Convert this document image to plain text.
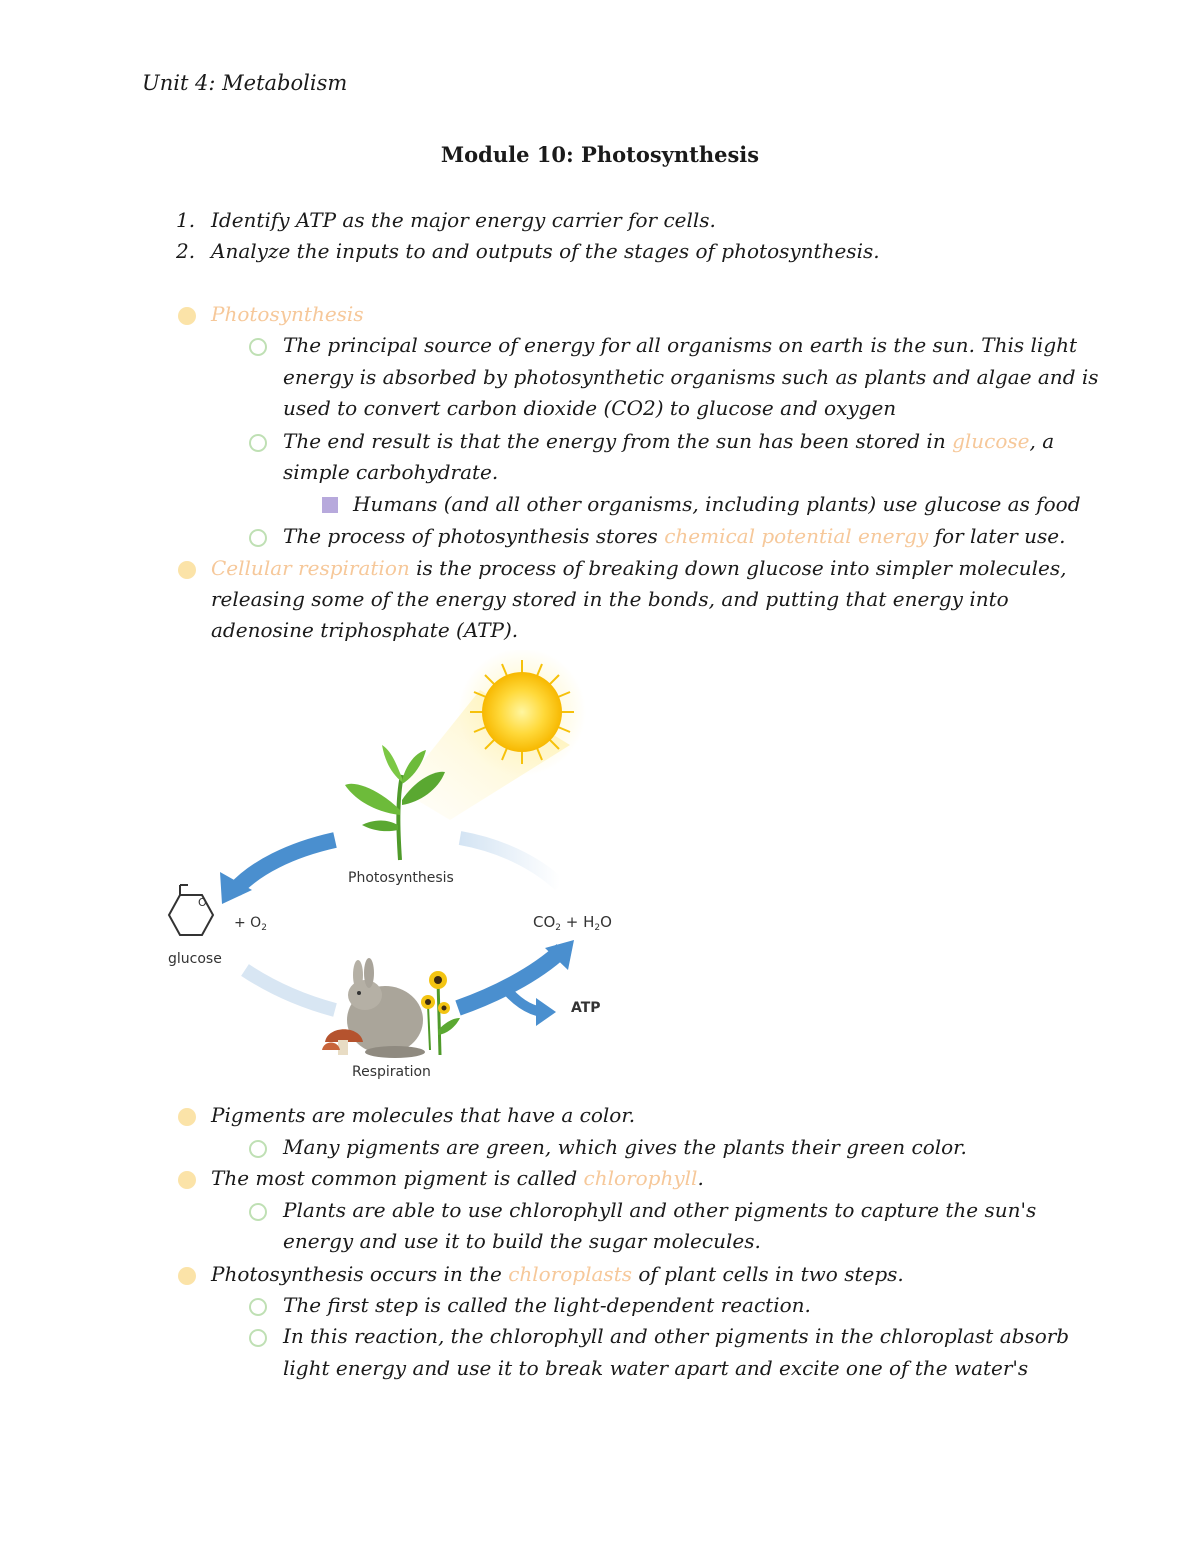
Unit 4: Metabolism
Module 10: Photosynthesis
1. Identify ATP as the major energy carrier for cells.
2. Analyze the inputs to and outputs of the stages of photosynthesis.
Photosynthesis
The principal source of energy for all organisms on earth is the sun. This light
energy is absorbed by photosynthetic organisms such as plants and algae and is
used to convert carbon dioxide (CO2) to glucose and oxygen
The end result is that the energy from the sun has been stored in glucose, a
simple carbohydrate.
Humans (and all other organisms, including plants) use glucose as food
The process of photosynthesis stores chemical potential energy for later use.
Cellular respiration is the process of breaking down glucose into simpler molecules,
releasing some of the energy stored in the bonds, and putting that energy into
adenosine triphosphate (ATP).
Photosynthesis
O
+ $O_2$
glucose
$CO_2 + H_2O$
ATP
Respiration
Pigments are molecules that have a color.
Many pigments are green, which gives the plants their green color.
The most common pigment is called chlorophyll.
Plants are able to use chlorophyll and other pigments to capture the sun's
energy and use it to build the sugar molecules.
Photosynthesis occurs in the chloroplasts of plant cells in two steps.
The first step is called the light-dependent reaction.
In this reaction, the chlorophyll and other pigments in the chloroplast absorb
light energy and use it to break water apart and excite one of the water's
